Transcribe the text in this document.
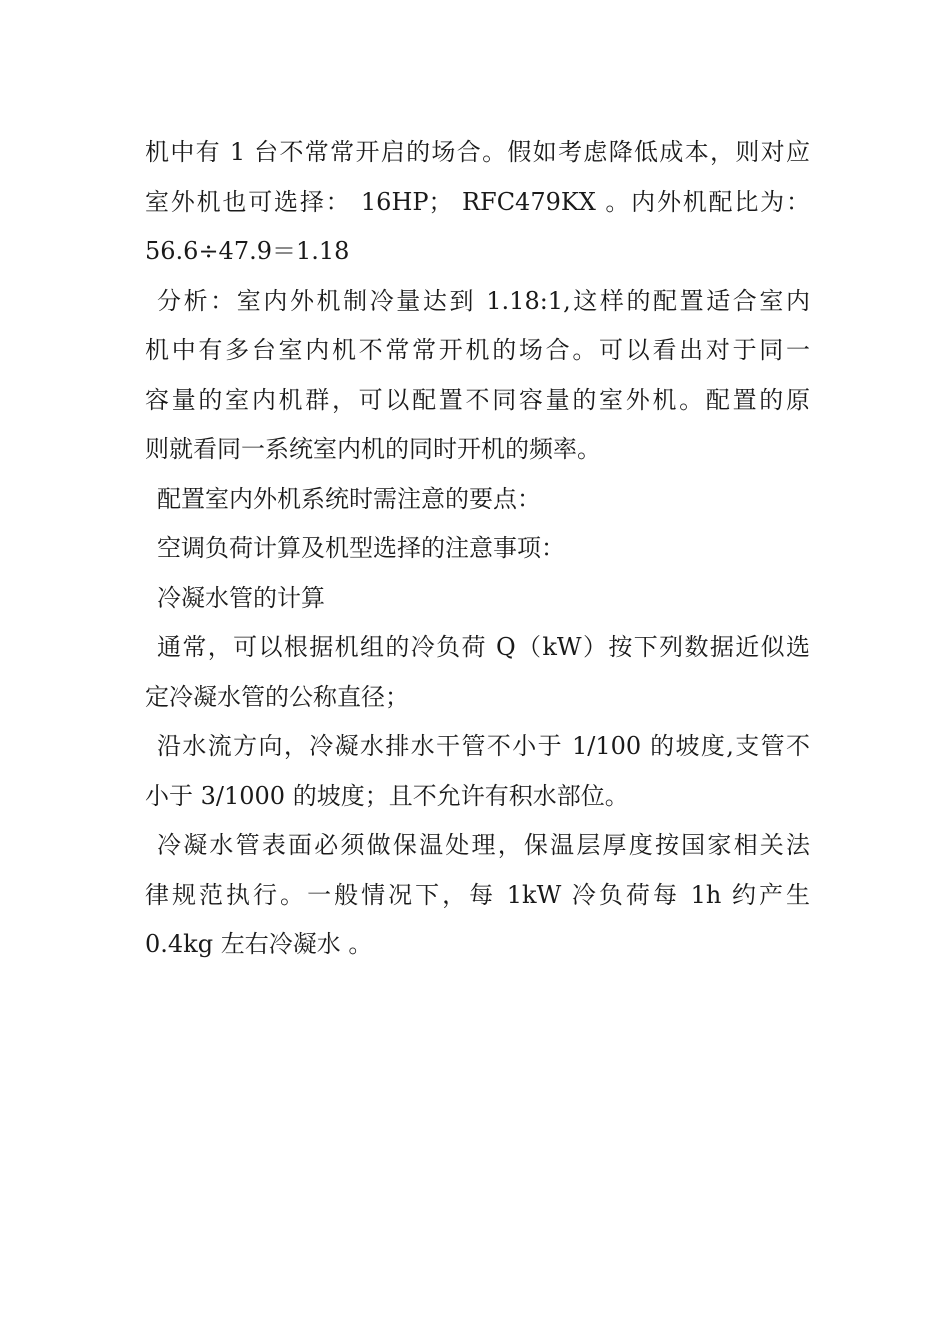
机中有 1 台不常常开启的场合。假如考虑降低成本，则对应
室外机也可选择： 16HP； RFC479KX 。内外机配比为：
56.6÷47.9＝1.18
分析：室内外机制冷量达到 1.18:1,这样的配置适合室内
机中有多台室内机不常常开机的场合。可以看出对于同一
容量的室内机群，可以配置不同容量的室外机。配置的原
则就看同一系统室内机的同时开机的频率。
配置室内外机系统时需注意的要点：
空调负荷计算及机型选择的注意事项：
冷凝水管的计算
通常，可以根据机组的冷负荷 Q（kW）按下列数据近似选
定冷凝水管的公称直径；
沿水流方向，冷凝水排水干管不小于 1/100 的坡度,支管不
小于 3/1000 的坡度；且不允许有积水部位。
冷凝水管表面必须做保温处理，保温层厚度按国家相关法
律规范执行。一般情况下，每 1kW 冷负荷每 1h 约产生
0.4kg 左右冷凝水 。
